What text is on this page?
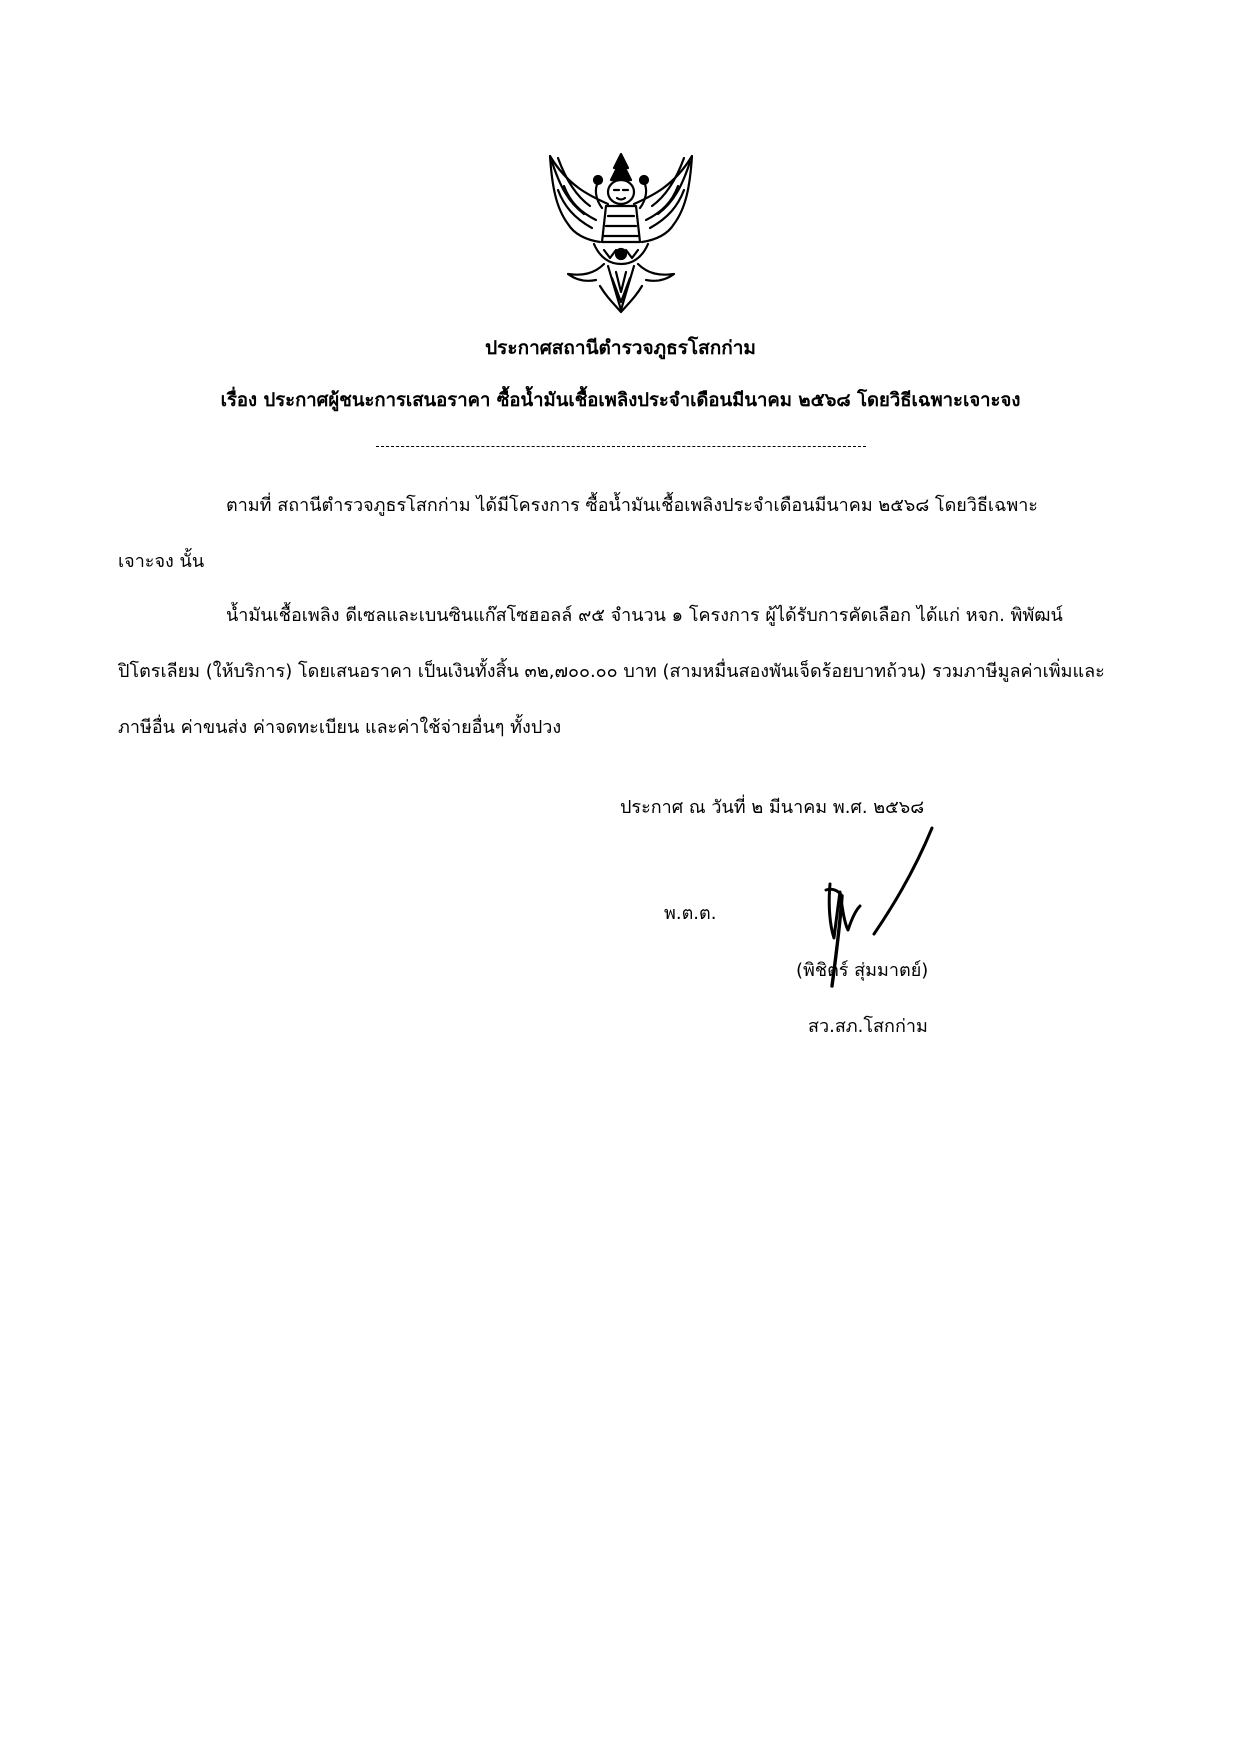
ประกาศสถานีตำรวจภูธรโสกก่าม
เรื่อง ประกาศผู้ชนะการเสนอราคา ซื้อน้ำมันเชื้อเพลิงประจำเดือนมีนาคม ๒๕๖๘ โดยวิธีเฉพาะเจาะจง
ตามที่ สถานีตำรวจภูธรโสกก่าม ได้มีโครงการ ซื้อน้ำมันเชื้อเพลิงประจำเดือนมีนาคม ๒๕๖๘ โดยวิธีเฉพาะเจาะจง นั้น
น้ำมันเชื้อเพลิง ดีเซลและเบนซินแก๊สโซฮอลล์ ๙๕ จำนวน ๑ โครงการ ผู้ได้รับการคัดเลือก ได้แก่ หจก. พิพัฒน์ปิโตรเลียม (ให้บริการ) โดยเสนอราคา เป็นเงินทั้งสิ้น ๓๒,๗๐๐.๐๐ บาท (สามหมื่นสองพันเจ็ดร้อยบาทถ้วน) รวมภาษีมูลค่าเพิ่มและภาษีอื่น ค่าขนส่ง ค่าจดทะเบียน และค่าใช้จ่ายอื่นๆ ทั้งปวง
ประกาศ ณ วันที่ ๒ มีนาคม พ.ศ. ๒๕๖๘
พ.ต.ต.
(พิชิตร์ สุ่มมาตย์)
สว.สภ.โสกก่าม
